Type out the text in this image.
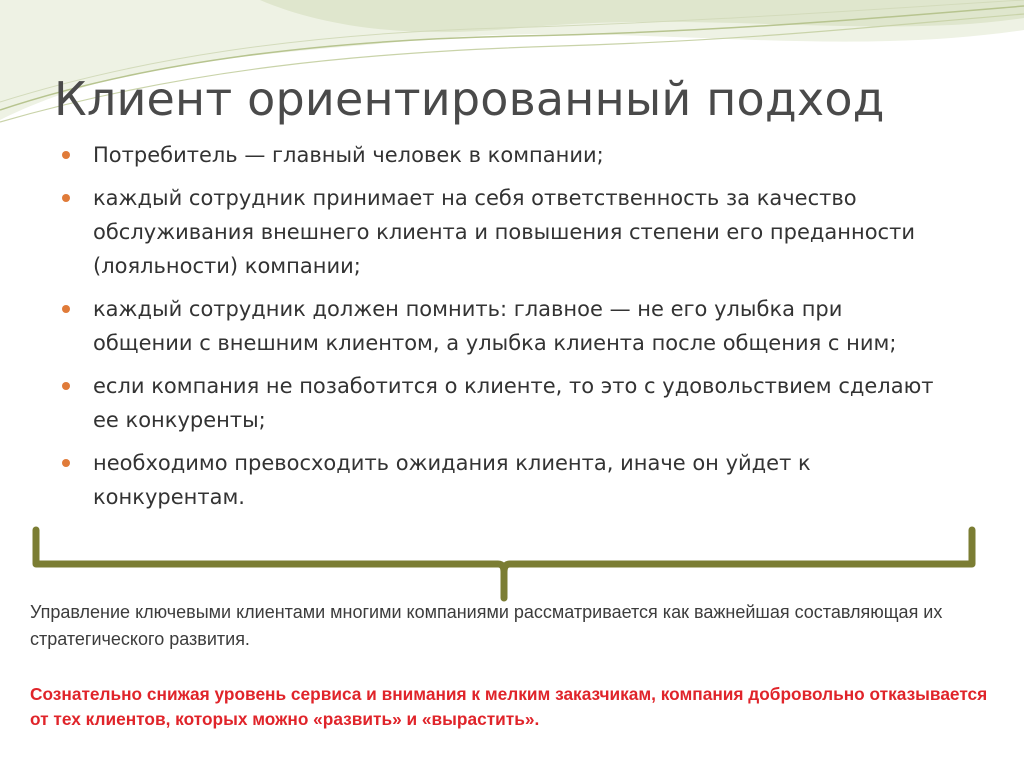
Клиент ориентированный подход
Потребитель — главный человек в компании;
каждый сотрудник принимает на себя ответственность за качество обслуживания внешнего клиента и повышения степени его преданности (лояльности) компании;
каждый сотрудник должен помнить: главное — не его улыбка при общении с внешним клиентом, а улыбка клиента после общения с ним;
если компания не позаботится о клиенте, то это с удовольствием сделают ее конкуренты;
необходимо превосходить ожидания клиента, иначе он уйдет к конкурентам.
Управление ключевыми клиентами многими компаниями рассматривается как важнейшая составляющая их стратегического развития.
Сознательно снижая уровень сервиса и внимания к мелким заказчикам, компания добровольно отказывается от тех клиентов, которых можно «развить» и «вырастить».
